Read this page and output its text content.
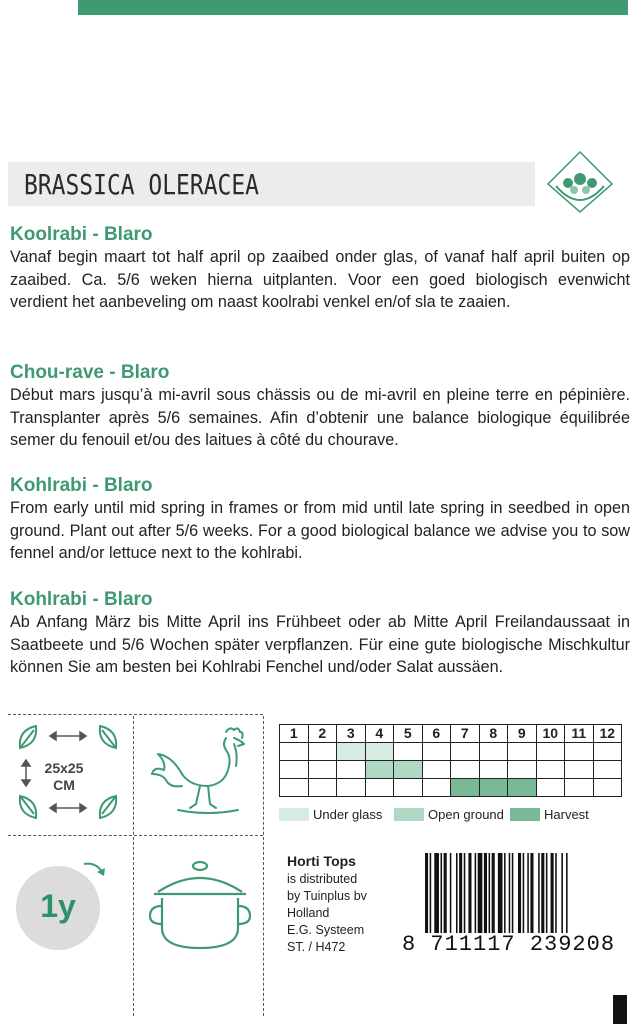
BRASSICA OLERACEA
Koolrabi - Blaro

Vanaf begin maart tot half april op zaaibed onder glas, of vanaf half april buiten op zaaibed. Ca. 5/6 weken hierna uitplanten. Voor een goed biologisch evenwicht verdient het aanbeveling om naast koolrabi venkel en/of sla te zaaien.

Chou-rave - Blaro

Début mars jusqu’à mi-avril sous chässis ou de mi-avril en pleine terre en pépinière. Transplanter après 5/6 semaines. Afin d’obtenir une balance biologique équilibrée semer du fenouil et/ou des laitues à côté du chourave.

Kohlrabi - Blaro

From early until mid spring in frames or from mid until late spring in seedbed in open ground. Plant out after 5/6 weeks. For a good biological balance we advise you to sow fennel and/or lettuce next to the kohlrabi.

Kohlrabi - Blaro

Ab Anfang März bis Mitte April ins Frühbeet oder ab Mitte April Freilandaussaat in Saatbeete und 5/6 Wochen später verpflanzen. Für eine gute biologische Mischkultur können Sie am besten bei Kohlrabi Fenchel und/oder Salat aussäen.

25x25
CM
1y
1	2	3	4	5	6	7	8	9	10	11	12

Under glass	Open ground	Harvest
Horti Tops
is distributed
by Tuinplus bv
Holland
E.G. Systeem
ST. / H472	8 711117 239208
